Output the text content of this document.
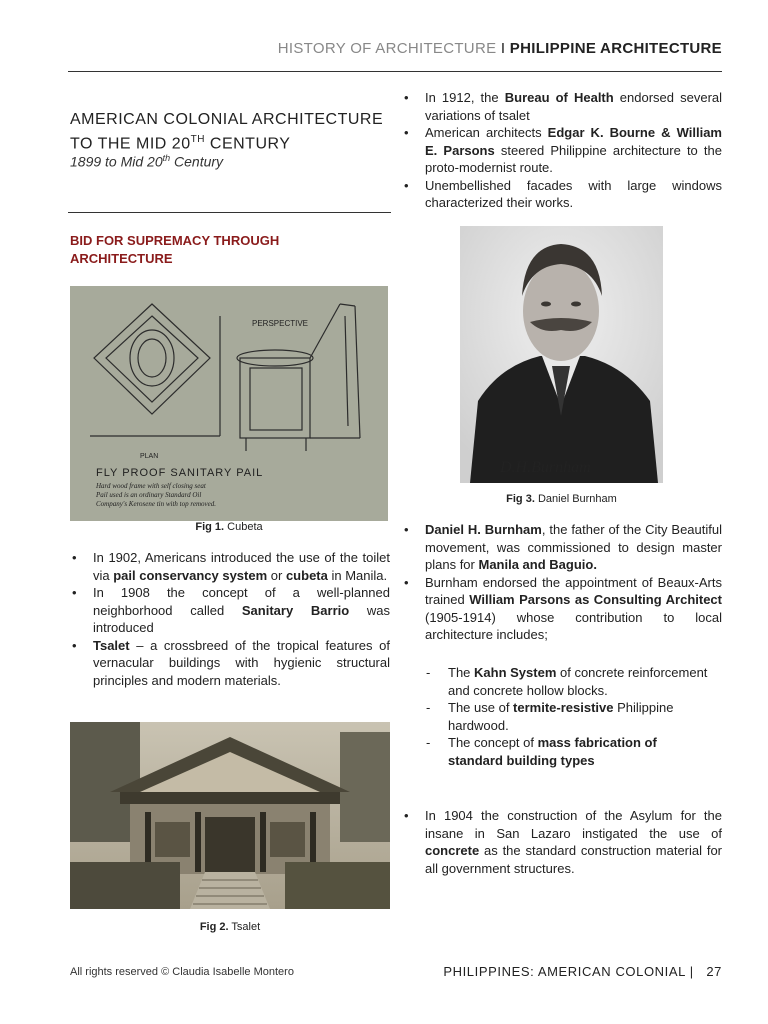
HISTORY OF ARCHITECTURE I PHILIPPINE ARCHITECTURE
AMERICAN COLONIAL ARCHITECTURE
TO THE MID 20TH CENTURY
1899 to Mid 20th Century
BID FOR SUPREMACY THROUGH
ARCHITECTURE
PERSPECTIVE
PLAN
FLY PROOF SANITARY PAIL
Hard wood frame with self closing seat
Pail used is an ordinary Standard Oil
Company's Kerosene tin with top removed.
Fig 1. Cubeta
• In 1902, Americans introduced the use of the toilet via pail conservancy system or cubeta in Manila.
• In 1908 the concept of a well-planned neighborhood called Sanitary Barrio was introduced
• Tsalet – a crossbreed of the tropical features of vernacular buildings with hygienic structural principles and modern materials.
Fig 2. Tsalet
• In 1912, the Bureau of Health endorsed several variations of tsalet
• American architects Edgar K. Bourne & William E. Parsons steered Philippine architecture to the proto-modernist route.
• Unembellished facades with large windows characterized their works.
D.H.Burnham
Fig 3. Daniel Burnham
• Daniel H. Burnham, the father of the City Beautiful movement, was commissioned to design master plans for Manila and Baguio.
• Burnham endorsed the appointment of Beaux-Arts trained William Parsons as Consulting Architect (1905-1914) whose contribution to local architecture includes;
- The Kahn System of concrete reinforcement and concrete hollow blocks.
- The use of termite-resistive Philippine hardwood.
- The concept of mass fabrication of standard building types
• In 1904 the construction of the Asylum for the insane in San Lazaro instigated the use of concrete as the standard construction material for all government structures.
All rights reserved © Claudia Isabelle Montero	PHILIPPINES: AMERICAN COLONIAL |   27
